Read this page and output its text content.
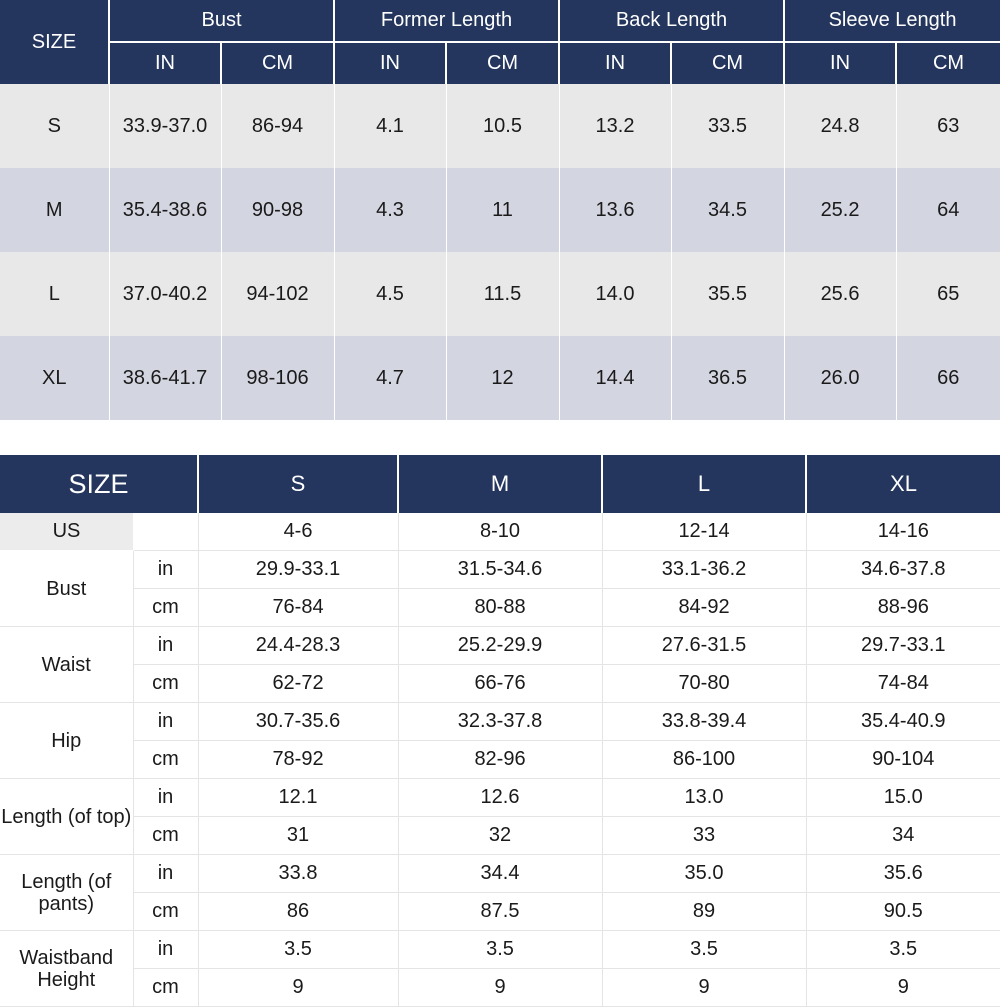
SIZE	Bust		Former Length		Back Length		Sleeve Length	
	IN	CM	IN	CM	IN	CM	IN	CM
S	33.9-37.0	86-94	4.1	10.5	13.2	33.5	24.8	63
M	35.4-38.6	90-98	4.3	11	13.6	34.5	25.2	64
L	37.0-40.2	94-102	4.5	11.5	14.0	35.5	25.6	65
XL	38.6-41.7	98-106	4.7	12	14.4	36.5	26.0	66
SIZE		S	M	L	XL
US		4-6	8-10	12-14	14-16
Bust	in	29.9-33.1	31.5-34.6	33.1-36.2	34.6-37.8
	cm	76-84	80-88	84-92	88-96
Waist	in	24.4-28.3	25.2-29.9	27.6-31.5	29.7-33.1
	cm	62-72	66-76	70-80	74-84
Hip	in	30.7-35.6	32.3-37.8	33.8-39.4	35.4-40.9
	cm	78-92	82-96	86-100	90-104
Length (of top)	in	12.1	12.6	13.0	15.0
	cm	31	32	33	34
Length (of pants)	in	33.8	34.4	35.0	35.6
	cm	86	87.5	89	90.5
Waistband Height	in	3.5	3.5	3.5	3.5
	cm	9	9	9	9
